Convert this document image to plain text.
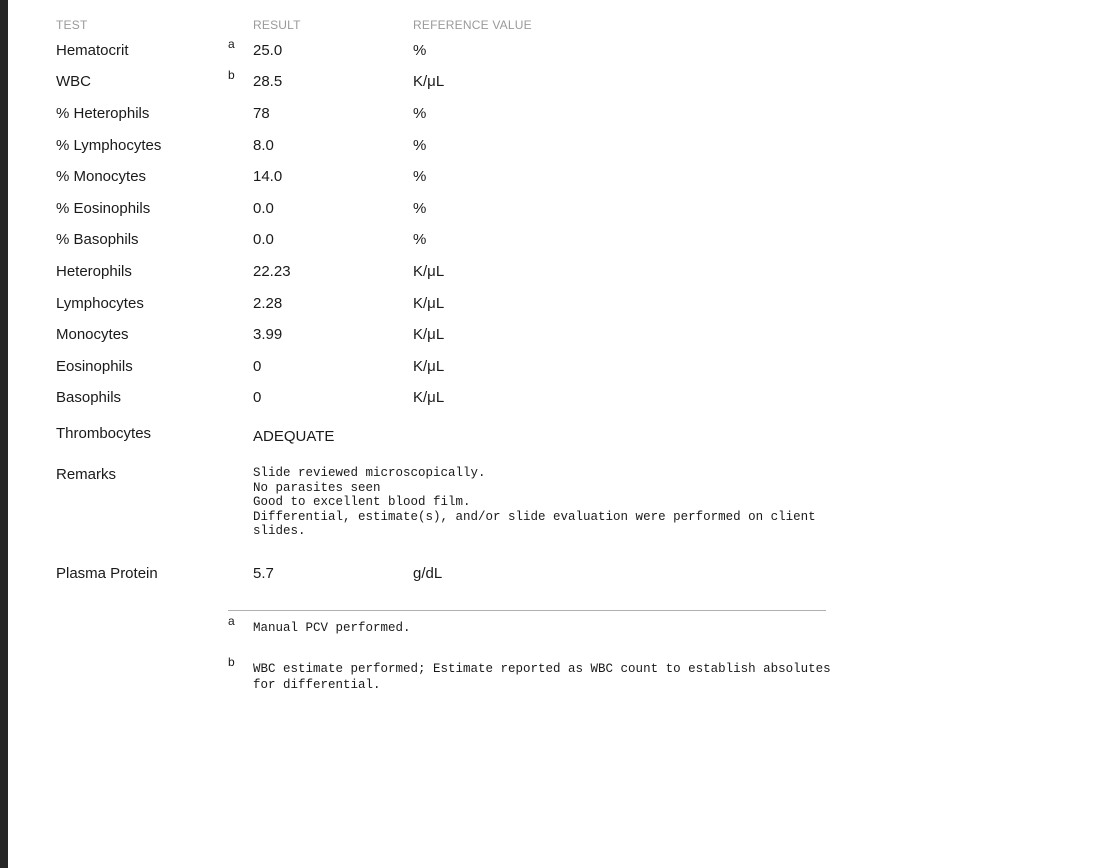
TEST	RESULT	REFERENCE VALUE
Hematocrit	a 25.0	%
WBC	b 28.5	K/μL
% Heterophils	78	%
% Lymphocytes	8.0	%
% Monocytes	14.0	%
% Eosinophils	0.0	%
% Basophils	0.0	%
Heterophils	22.23	K/μL
Lymphocytes	2.28	K/μL
Monocytes	3.99	K/μL
Eosinophils	0	K/μL
Basophils	0	K/μL
Thrombocytes	ADEQUATE
Remarks	Slide reviewed microscopically.
No parasites seen
Good to excellent blood film.
Differential, estimate(s), and/or slide evaluation were performed on client
slides.
Plasma Protein	5.7	g/dL
a Manual PCV performed.
b WBC estimate performed; Estimate reported as WBC count to establish absolutes
for differential.
